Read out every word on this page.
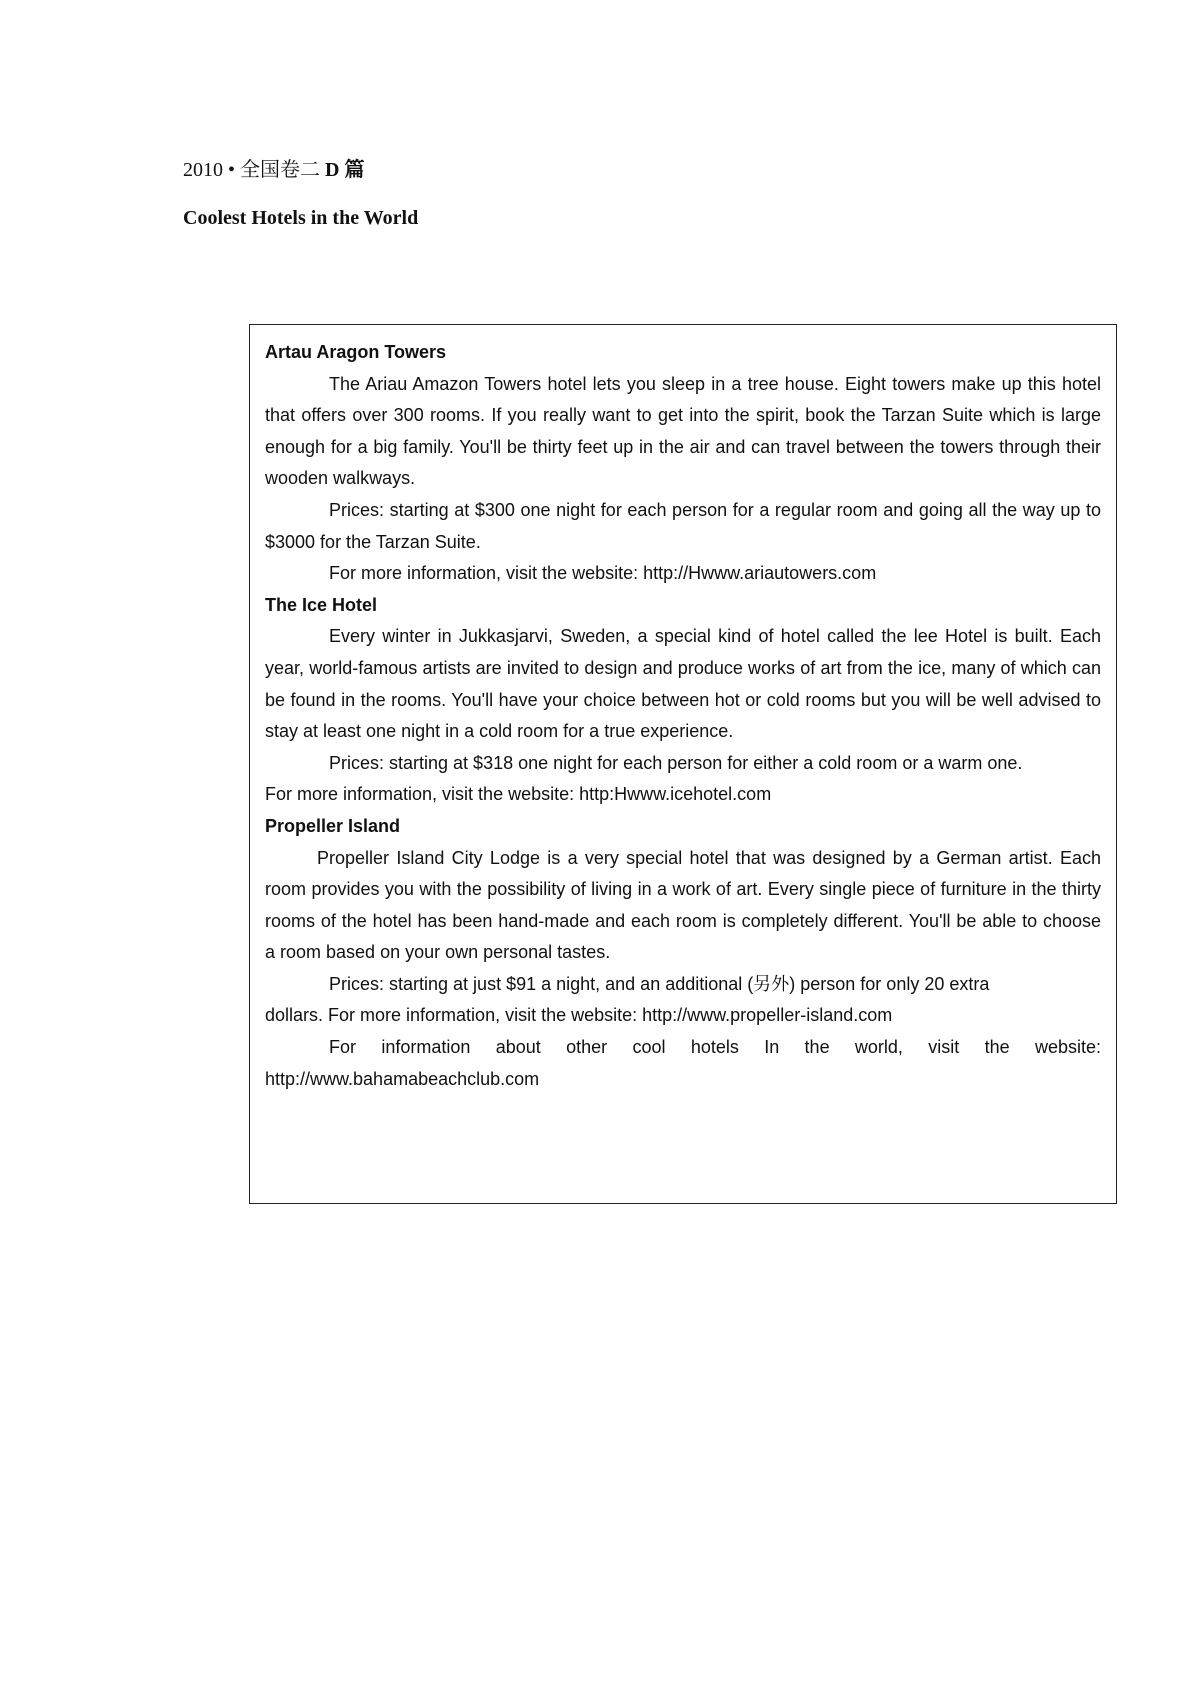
2010 • 全国卷二 D 篇
Coolest Hotels in the World

Artau Aragon Towers

The Ariau Amazon Towers hotel lets you sleep in a tree house. Eight towers make up this hotel that offers over 300 rooms. If you really want to get into the spirit, book the Tarzan Suite which is large enough for a big family. You'll be thirty feet up in the air and can travel between the towers through their wooden walkways.

Prices: starting at $300 one night for each person for a regular room and going all the way up to $3000 for the Tarzan Suite.

For more information, visit the website: http://Hwww.ariautowers.com

The Ice Hotel

Every winter in Jukkasjarvi, Sweden, a special kind of hotel called the lee Hotel is built. Each year, world-famous artists are invited to design and produce works of art from the ice, many of which can be found in the rooms. You'll have your choice between hot or cold rooms but you will be well advised to stay at least one night in a cold room for a true experience.

Prices: starting at $318 one night for each person for either a cold room or a warm one.

For more information, visit the website: http:Hwww.icehotel.com

Propeller Island

Propeller Island City Lodge is a very special hotel that was designed by a German artist. Each room provides you with the possibility of living in a work of art. Every single piece of furniture in the thirty rooms of the hotel has been hand-made and each room is completely different. You'll be able to choose a room based on your own personal tastes.

Prices: starting at just $91 a night, and an additional (另外) person for only 20 extra

dollars. For more information, visit the website: http://www.propeller-island.com

For information about other cool hotels In the world, visit the website: http://www.bahamabeachclub.com
